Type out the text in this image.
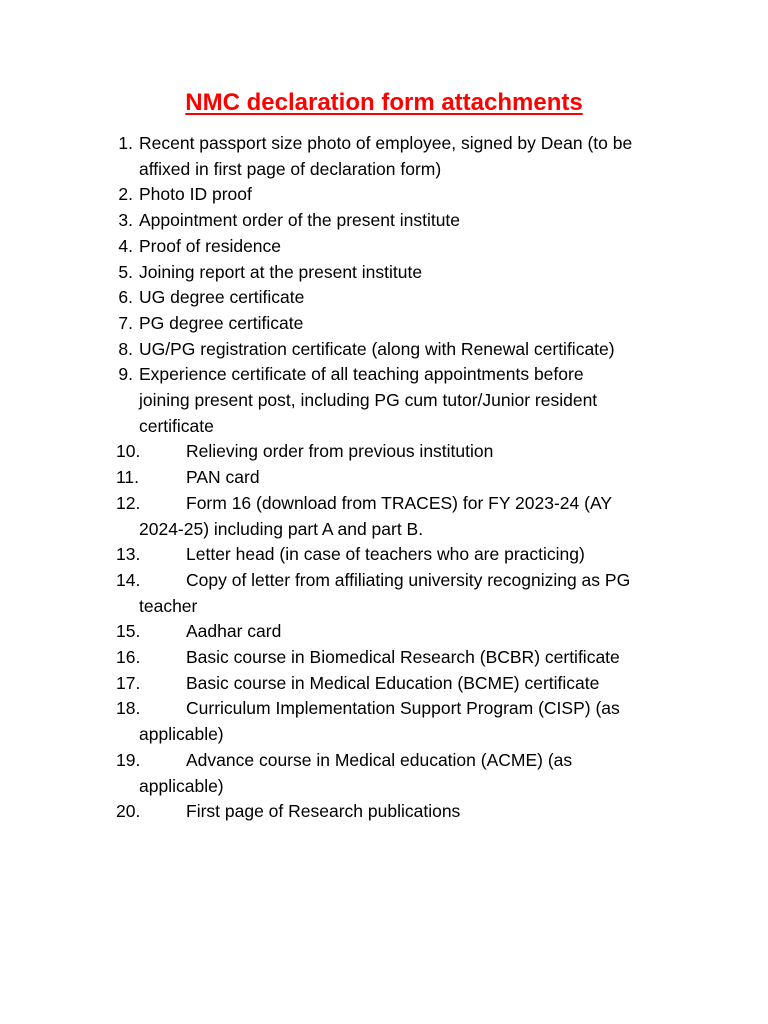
NMC declaration form attachments
1. Recent passport size photo of employee, signed by Dean (to be
affixed in first page of declaration form)
2. Photo ID proof
3. Appointment order of the present institute
4. Proof of residence
5. Joining report at the present institute
6. UG degree certificate
7. PG degree certificate
8. UG/PG registration certificate (along with Renewal certificate)
9. Experience certificate of all teaching appointments before
joining present post, including PG cum tutor/Junior resident
certificate
10.	Relieving order from previous institution
11.	PAN card
12.	Form 16 (download from TRACES) for FY 2023-24 (AY
2024-25) including part A and part B.
13.	Letter head (in case of teachers who are practicing)
14.	Copy of letter from affiliating university recognizing as PG
teacher
15.	Aadhar card
16.	Basic course in Biomedical Research (BCBR) certificate
17.	Basic course in Medical Education (BCME) certificate
18.	Curriculum Implementation Support Program (CISP) (as
applicable)
19.	Advance course in Medical education (ACME) (as
applicable)
20.	First page of Research publications
